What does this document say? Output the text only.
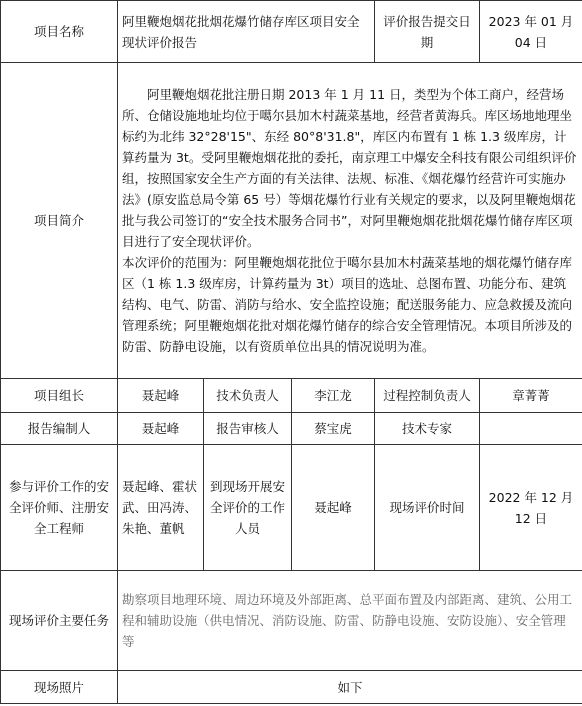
项目名称	阿里鞭炮烟花批烟花爆竹储存库区项目安全现状评价报告			评价报告提交日期	2023 年 01 月 04 日
项目简介	阿里鞭炮烟花批注册日期 2013 年 1 月 11 日，类型为个体工商户，经营场所、仓储设施地址均位于噶尔县加木村蔬菜基地，经营者黄海兵。库区场地地理坐标约为北纬 32°28'15"、东经 80°8'31.8"，库区内布置有 1 栋 1.3 级库房，计算药量为 3t。受阿里鞭炮烟花批的委托，南京理工中爆安全科技有限公司组织评价组，按照国家安全生产方面的有关法律、法规、标准、《烟花爆竹经营许可实施办法》(原安监总局令第 65 号）等烟花爆竹行业有关规定的要求，以及阿里鞭炮烟花批与我公司签订的“安全技术服务合同书”，对阿里鞭炮烟花批烟花爆竹储存库区项目进行了安全现状评价。

本次评价的范围为：阿里鞭炮烟花批位于噶尔县加木村蔬菜基地的烟花爆竹储存库区（1 栋 1.3 级库房，计算药量为 3t）项目的选址、总图布置、功能分布、建筑结构、电气、防雷、消防与给水、安全监控设施；配送服务能力、应急救援及流向管理系统；阿里鞭炮烟花批对烟花爆竹储存的综合安全管理情况。本项目所涉及的防雷、防静电设施，以有资质单位出具的情况说明为准。				

项目组长	聂起峰	技术负责人	李江龙	过程控制负责人	章菁菁
报告编制人	聂起峰	报告审核人	蔡宝虎	技术专家	
参与评价工作的安全评价师、注册安全工程师	聂起峰、霍状武、田冯涛、朱艳、董帆	到现场开展安全评价的工作人员	聂起峰	现场评价时间	2022 年 12 月 12 日
现场评价主要任务	勘察项目地理环境、周边环境及外部距离、总平面布置及内部距离、建筑、公用工程和辅助设施（供电情况、消防设施、防雷、防静电设施、安防设施）、安全管理等				
现场照片	如下				
